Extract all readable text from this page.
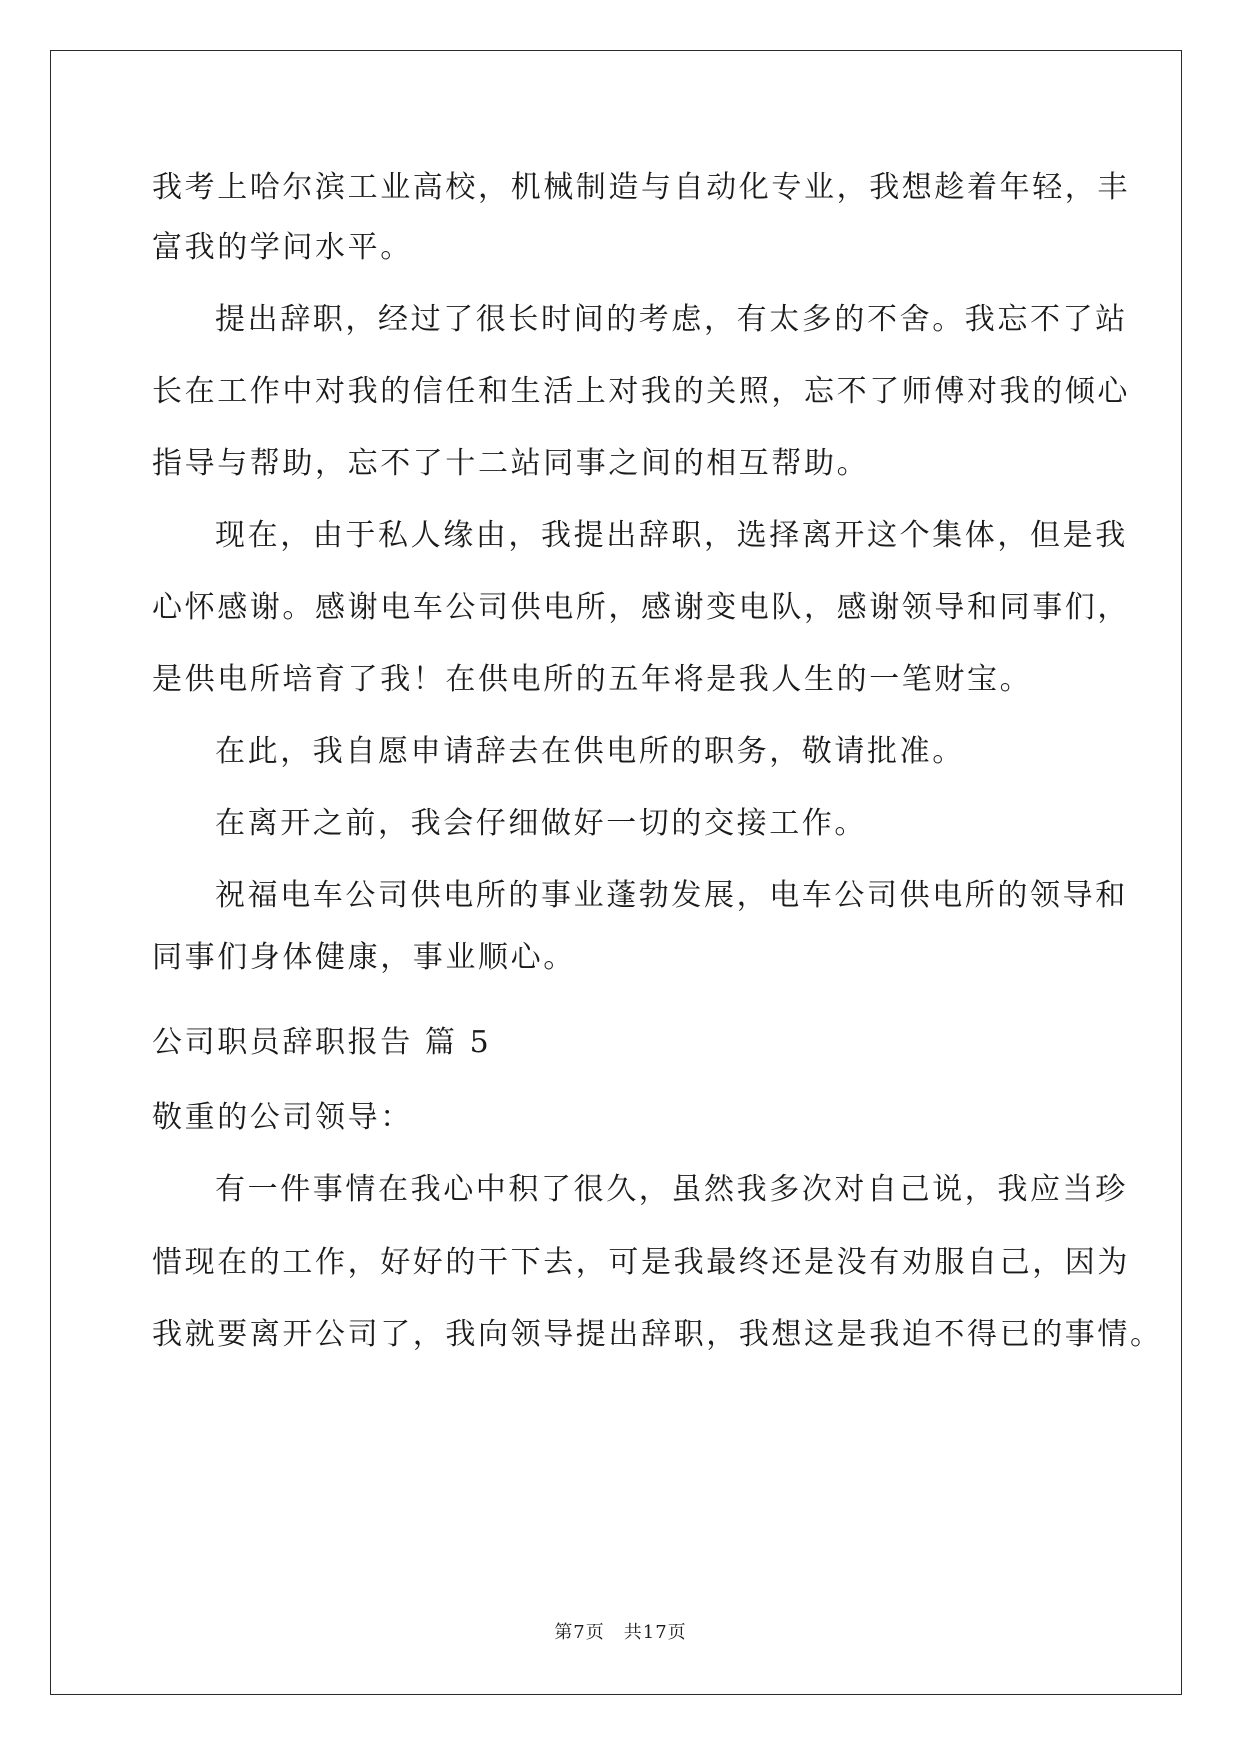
我考上哈尔滨工业高校，机械制造与自动化专业，我想趁着年轻，丰
富我的学问水平。
提出辞职，经过了很长时间的考虑，有太多的不舍。我忘不了站
长在工作中对我的信任和生活上对我的关照，忘不了师傅对我的倾心
指导与帮助，忘不了十二站同事之间的相互帮助。
现在，由于私人缘由，我提出辞职，选择离开这个集体，但是我
心怀感谢。感谢电车公司供电所，感谢变电队，感谢领导和同事们，
是供电所培育了我！在供电所的五年将是我人生的一笔财宝。
在此，我自愿申请辞去在供电所的职务，敬请批准。
在离开之前，我会仔细做好一切的交接工作。
祝福电车公司供电所的事业蓬勃发展，电车公司供电所的领导和
同事们身体健康，事业顺心。
公司职员辞职报告 篇 5
敬重的公司领导：
有一件事情在我心中积了很久，虽然我多次对自己说，我应当珍
惜现在的工作，好好的干下去，可是我最终还是没有劝服自己，因为
我就要离开公司了，我向领导提出辞职，我想这是我迫不得已的事情。
第7页　共17页
